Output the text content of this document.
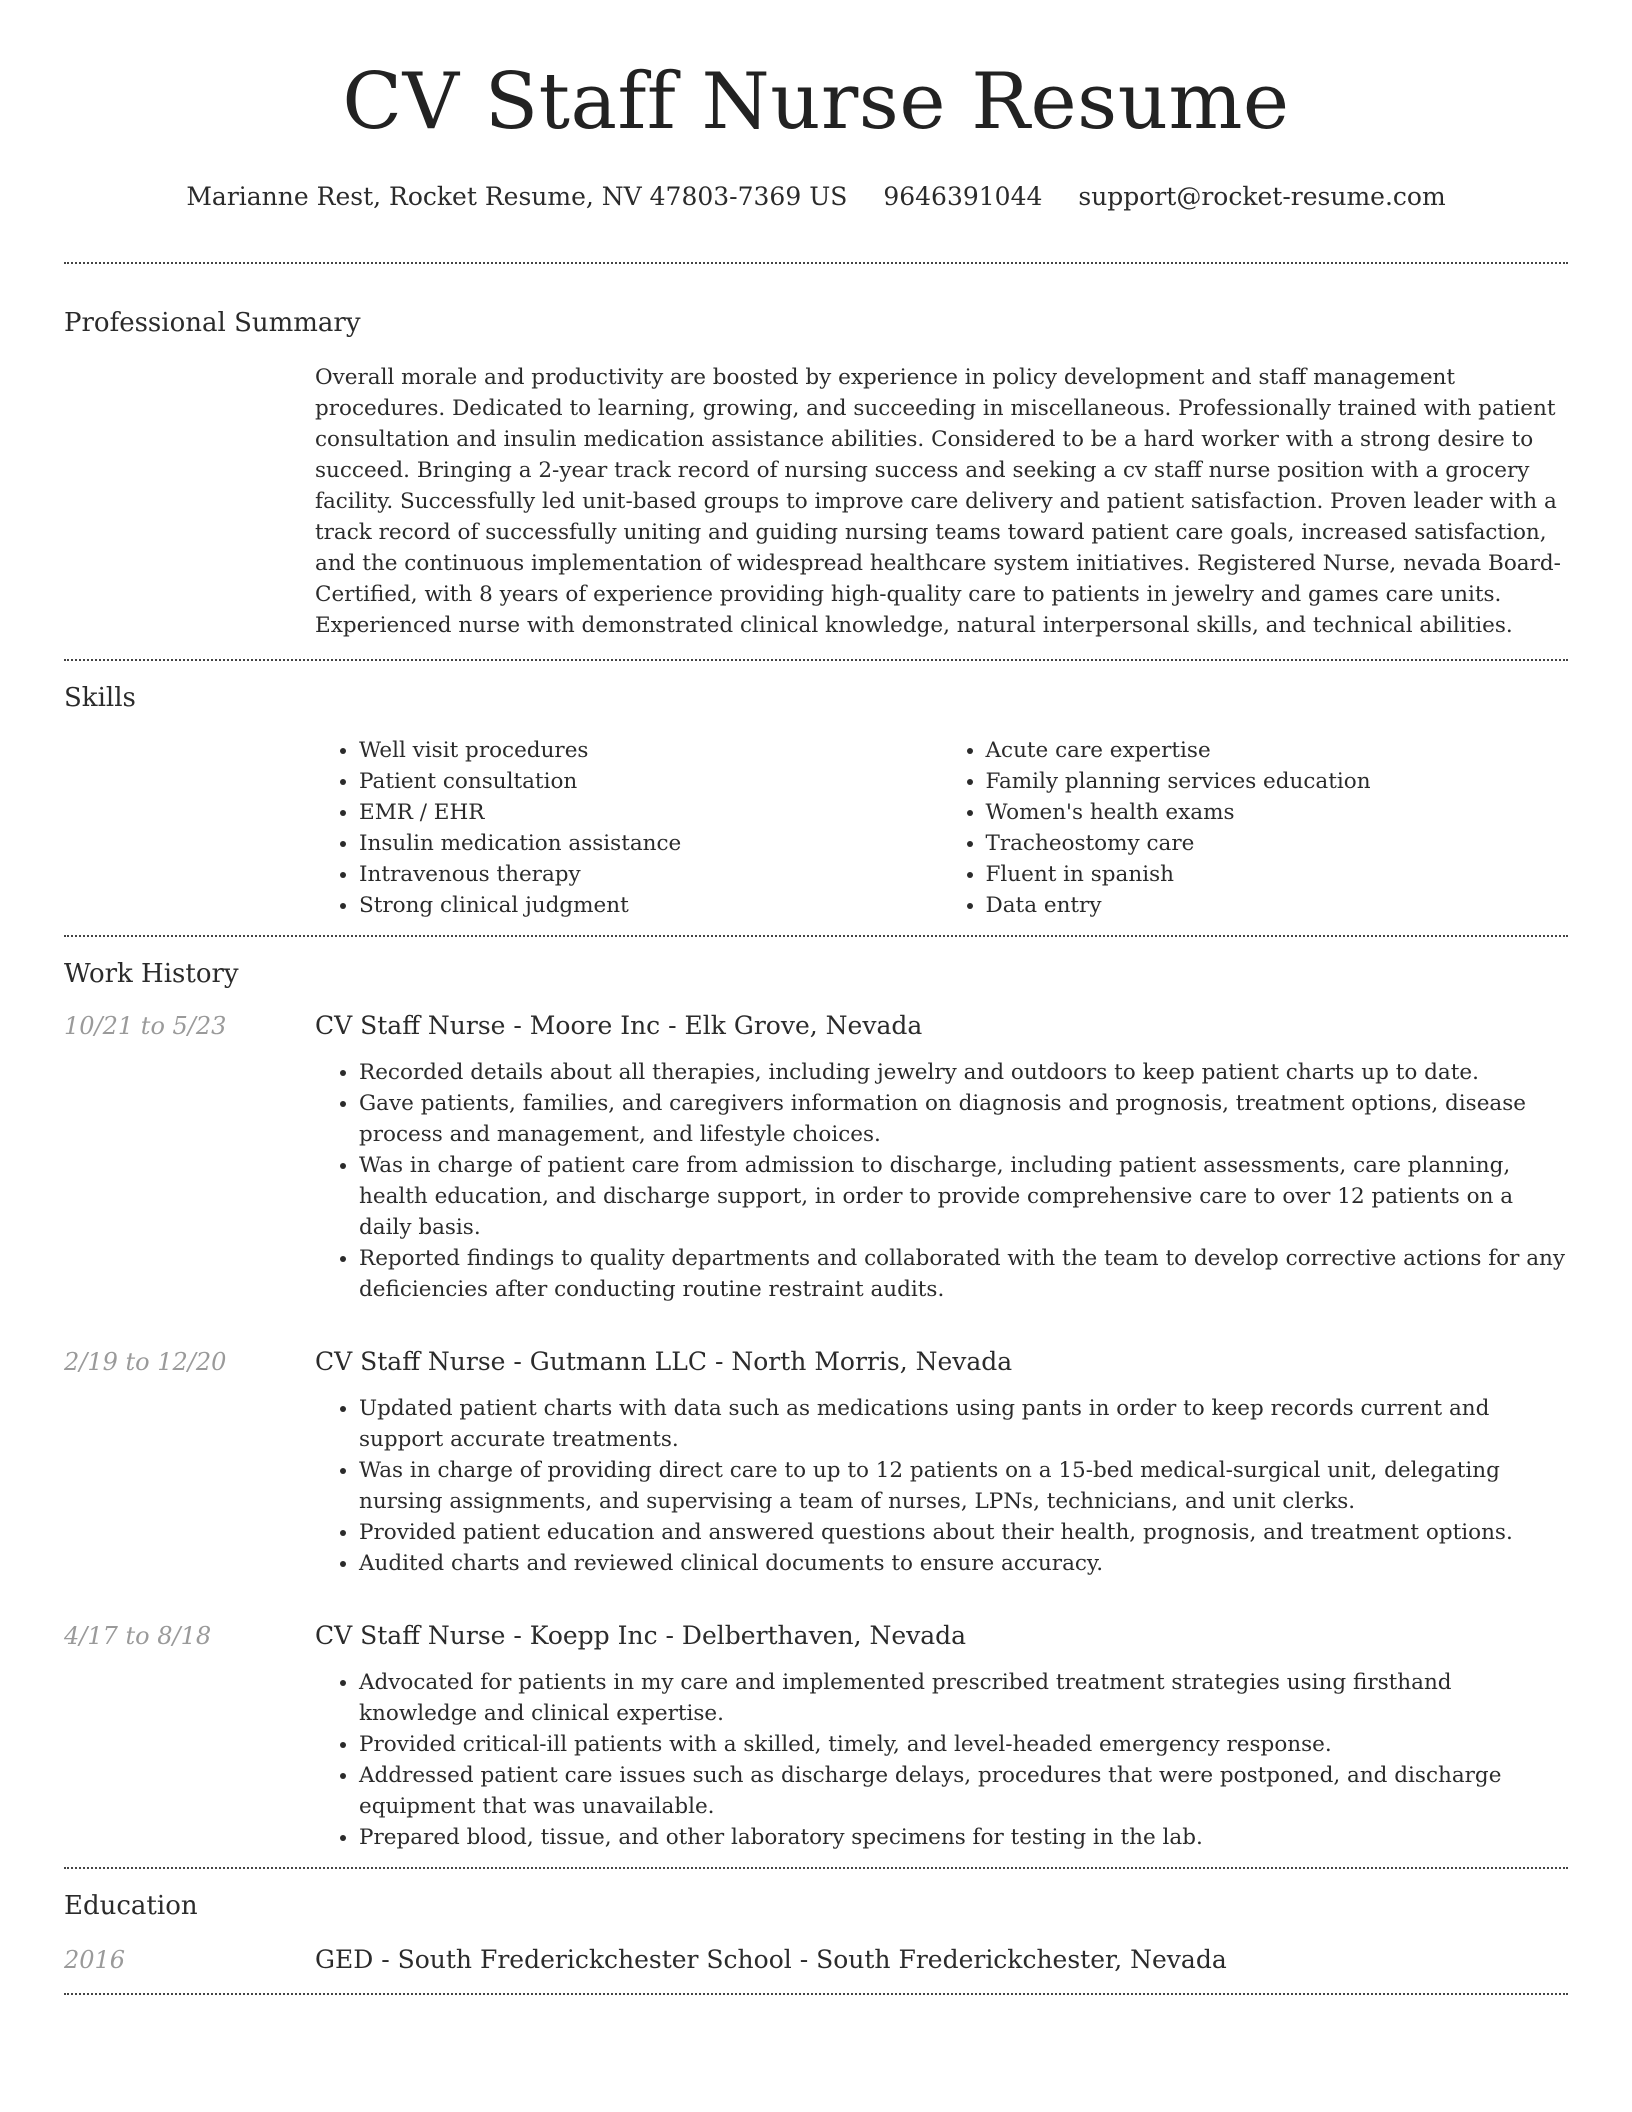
CV Staff Nurse Resume
Marianne Rest, Rocket Resume, NV 47803-7369 US 9646391044 support@rocket-resume.com
Professional Summary

Overall morale and productivity are boosted by experience in policy development and staff management procedures. Dedicated to learning, growing, and succeeding in miscellaneous. Professionally trained with patient consultation and insulin medication assistance abilities. Considered to be a hard worker with a strong desire to succeed. Bringing a 2-year track record of nursing success and seeking a cv staff nurse position with a grocery facility. Successfully led unit-based groups to improve care delivery and patient satisfaction. Proven leader with a track record of successfully uniting and guiding nursing teams toward patient care goals, increased satisfaction, and the continuous implementation of widespread healthcare system initiatives. Registered Nurse, nevada Board-Certified, with 8 years of experience providing high-quality care to patients in jewelry and games care units. Experienced nurse with demonstrated clinical knowledge, natural interpersonal skills, and technical abilities.

Skills
• Well visit procedures
• Patient consultation
• EMR / EHR
• Insulin medication assistance
• Intravenous therapy
• Strong clinical judgment
• Acute care expertise
• Family planning services education
• Women's health exams
• Tracheostomy care
• Fluent in spanish
• Data entry
Work History
10/21 to 5/23	CV Staff Nurse - Moore Inc - Elk Grove, Nevada
• Recorded details about all therapies, including jewelry and outdoors to keep patient charts up to date.
• Gave patients, families, and caregivers information on diagnosis and prognosis, treatment options, disease process and management, and lifestyle choices.
• Was in charge of patient care from admission to discharge, including patient assessments, care planning, health education, and discharge support, in order to provide comprehensive care to over 12 patients on a daily basis.
• Reported findings to quality departments and collaborated with the team to develop corrective actions for any deficiencies after conducting routine restraint audits.
2/19 to 12/20	CV Staff Nurse - Gutmann LLC - North Morris, Nevada
• Updated patient charts with data such as medications using pants in order to keep records current and support accurate treatments.
• Was in charge of providing direct care to up to 12 patients on a 15-bed medical-surgical unit, delegating nursing assignments, and supervising a team of nurses, LPNs, technicians, and unit clerks.
• Provided patient education and answered questions about their health, prognosis, and treatment options.
• Audited charts and reviewed clinical documents to ensure accuracy.
4/17 to 8/18	CV Staff Nurse - Koepp Inc - Delberthaven, Nevada
• Advocated for patients in my care and implemented prescribed treatment strategies using firsthand knowledge and clinical expertise.
• Provided critical-ill patients with a skilled, timely, and level-headed emergency response.
• Addressed patient care issues such as discharge delays, procedures that were postponed, and discharge equipment that was unavailable.
• Prepared blood, tissue, and other laboratory specimens for testing in the lab.
Education
2016	GED - South Frederickchester School - South Frederickchester, Nevada
